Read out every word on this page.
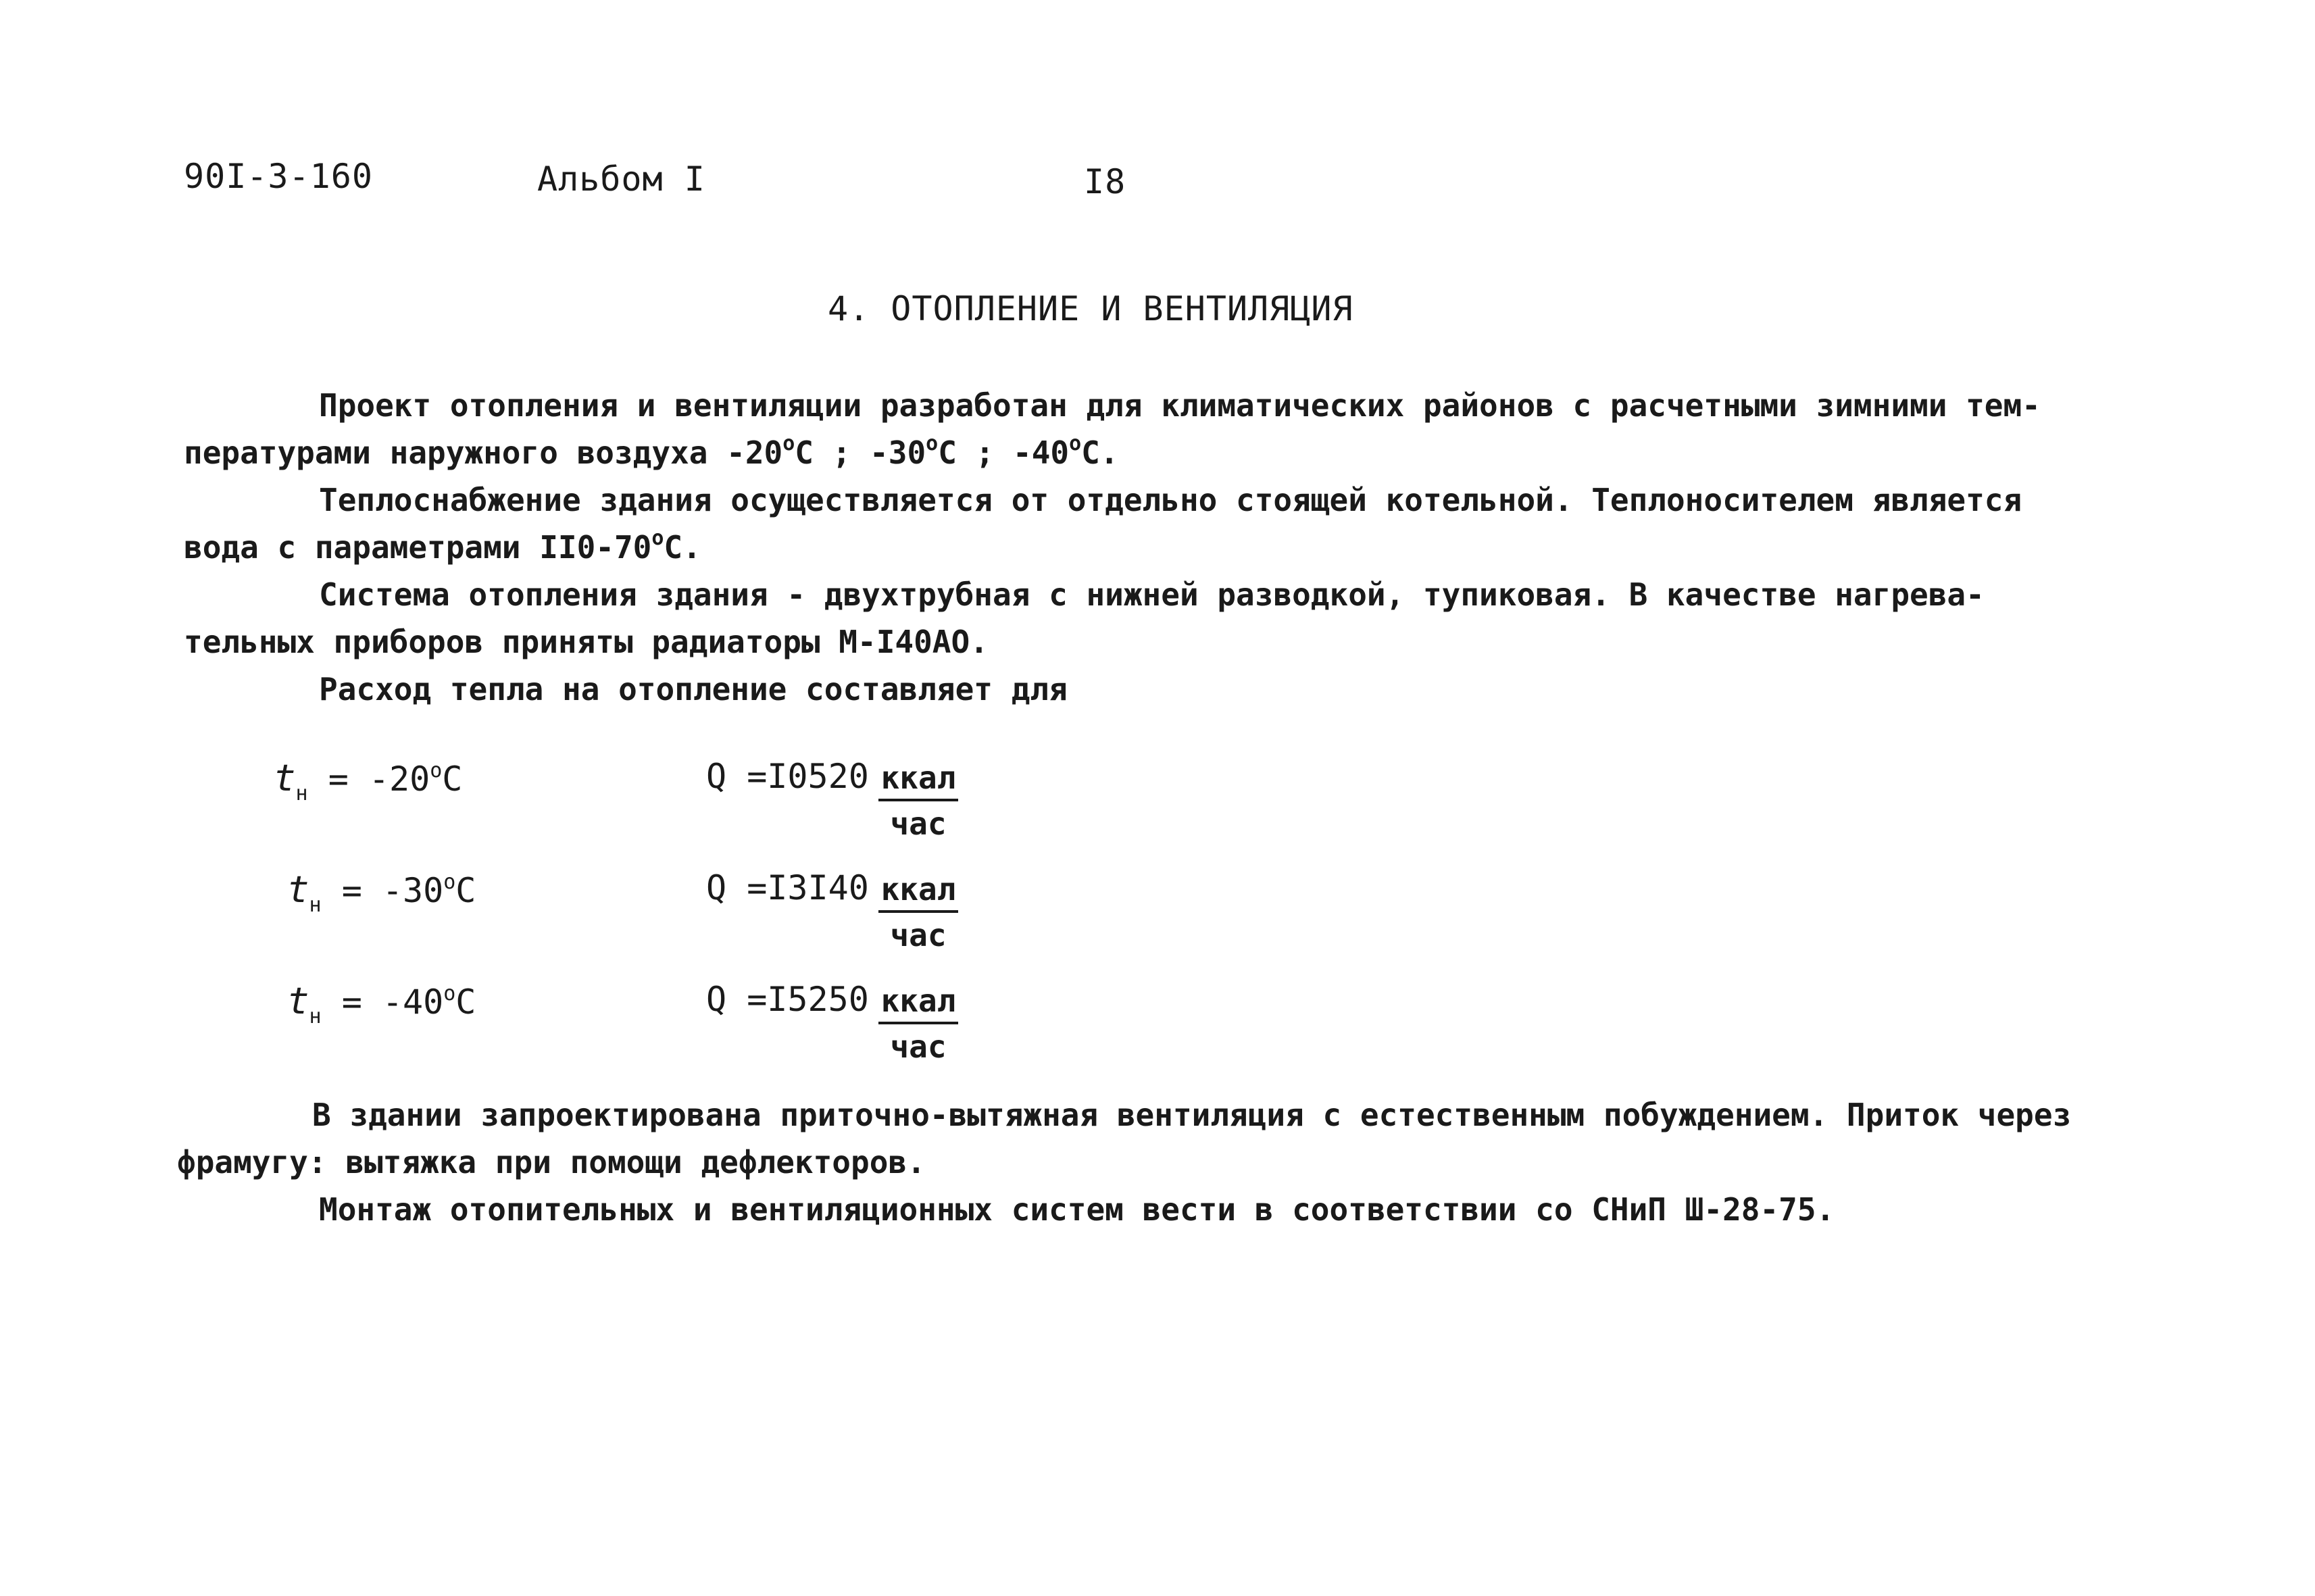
90I-3-160	Альбом I	I8
4. ОТОПЛЕНИЕ И ВЕНТИЛЯЦИЯ
Проект отопления и вентиляции разработан для климатических районов с расчетными зимними тем-
пературами наружного воздуха -20$^o$С ; -30$^o$С ; -40$^o$С.
Теплоснабжение здания осуществляется от отдельно стоящей котельной. Теплоносителем является
вода с параметрами II0-70$^o$С.
Система отопления здания - двухтрубная с нижней разводкой, тупиковая. В качестве нагрева-
тельных приборов приняты радиаторы М-I40АО.
Расход тепла на отопление составляет для
$t_н = -20^oС$	Q =I0520 ккал
час
$t_н = -30^oС$	Q =I3I40 ккал
час
$t_н = -40^oС$	Q =I5250 ккал
час
В здании запроектирована приточно-вытяжная вентиляция с естественным побуждением. Приток через
фрамугу: вытяжка при помощи дефлекторов.
Монтаж отопительных и вентиляционных систем вести в соответствии со СНиП Ш-28-75.
